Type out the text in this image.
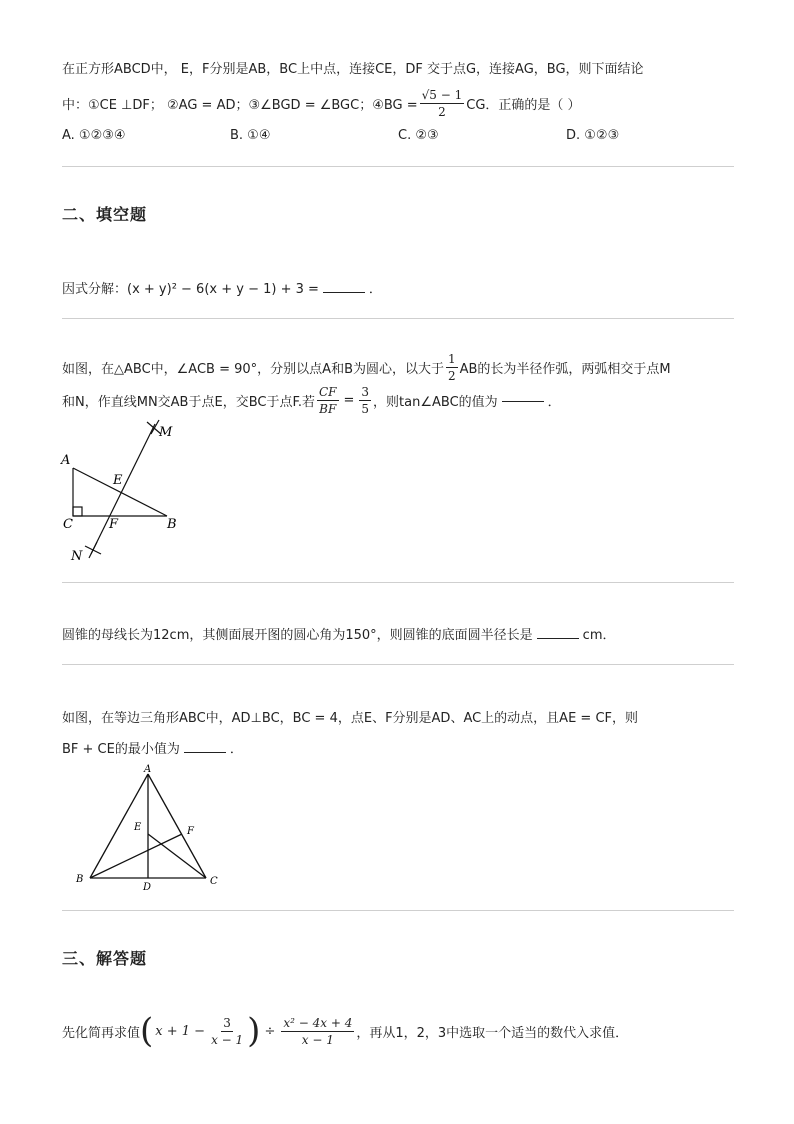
在正方形ABCD中， E，F分别是AB，BC上中点，连接CE，DF 交于点G，连接AG，BG，则下面结论
中：①CE ⊥DF； ②AG = AD；③∠BGD = ∠BGC；④BG = $\frac{√5 - 1}{2}$ CG．正确的是（ ）
A. ①②③④	B. ①④	C. ②③	D. ①②③
二、填空题
因式分解：(x + y)² − 6(x + y − 1) + 3 =	．
如图，在△ABC中，∠ACB = 90°，分别以点A和B为圆心，以大于 $\frac{1}{2}$ AB的长为半径作弧，两弧相交于点M
和N，作直线MN交AB于点E，交BC于点F.若 $\frac{CF}{BF} = \frac{3}{5}$ ，则tan∠ABC的值为	．
A
C	B
E
F
M
N
圆锥的母线长为12cm，其侧面展开图的圆心角为150°，则圆锥的底面圆半径长是	cm．
如图，在等边三角形ABC中，AD⊥BC，BC = 4，点E、F分别是AD、AC上的动点，且AE = CF，则
BF + CE的最小值为	．
A
B	C
D
E	F
三、解答题
先化简再求值 ( $x + 1 - \frac{3}{x - 1}$ ) ÷ $\frac{\text{x² − 4x + 4}}{x - 1}$ ，再从1，2，3中选取一个适当的数代入求值．
